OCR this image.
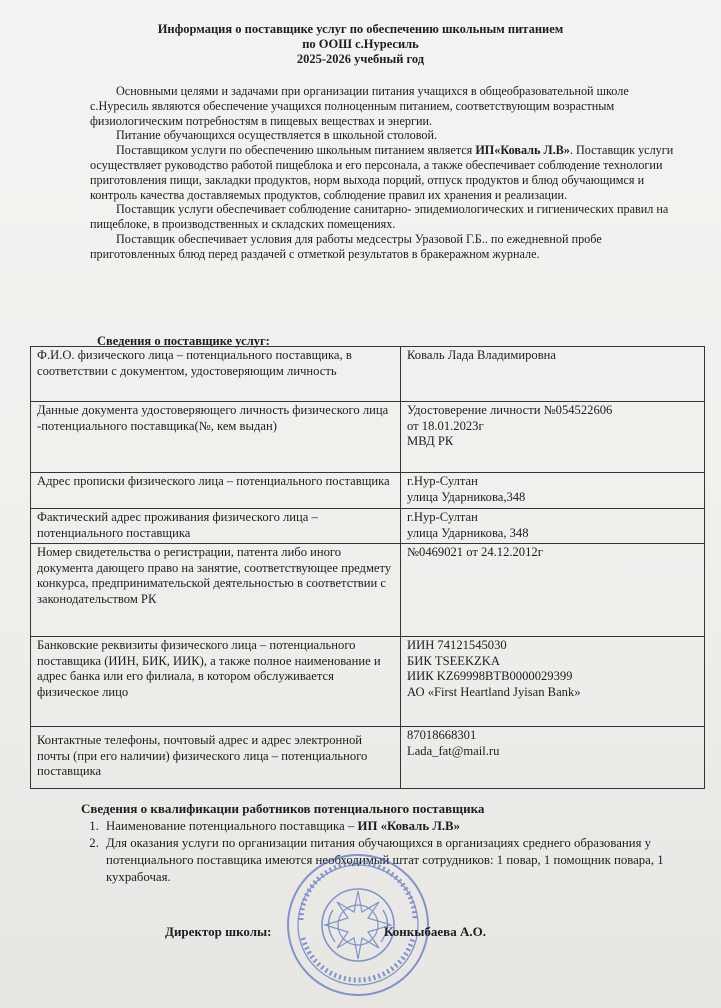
Информация о поставщике услуг по обеспечению школьным питанием
по ООШ с.Нуресиль
2025-2026 учебный год

Основными целями и задачами при организации питания учащихся в общеобразовательной школе с.Нуресиль являются обеспечение учащихся полноценным питанием, соответствующим возрастным физиологическим потребностям в пищевых веществах и энергии.

Питание обучающихся осуществляется в школьной столовой.

Поставщиком услуги по обеспечению школьным питанием является ИП«Коваль Л.В». Поставщик услуги осуществляет руководство работой пищеблока и его персонала, а также обеспечивает соблюдение технологии приготовления пищи, закладки продуктов, норм выхода порций, отпуск продуктов и блюд обучающимся и контроль качества доставляемых продуктов, соблюдение правил их хранения и реализации.

Поставщик услуги обеспечивает соблюдение санитарно- эпидемиологических и гигиенических правил на пищеблоке, в производственных и складских помещениях.

Поставщик обеспечивает условия для работы медсестры Уразовой Г.Б.. по ежедневной пробе приготовленных блюд перед раздачей с отметкой результатов в бракеражном журнале.

Сведения о поставщике услуг:
Ф.И.О. физического лица – потенциального поставщика, в соответствии с документом, удостоверяющим личность	Коваль Лада Владимировна

Данные документа удостоверяющего личность физического лица -потенциального поставщика(№, кем выдан)	Удостоверение личности №054522606
от 18.01.2023г
МВД РК

Адрес прописки физического лица – потенциального поставщика	г.Нур-Султан
улица Ударникова,348

Фактический адрес проживания физического лица – потенциального поставщика	г.Нур-Султан
улица Ударникова, 348

Номер свидетельства о регистрации, патента либо иного документа дающего право на занятие, соответствующее предмету конкурса, предпринимательской деятельностью в соответствии с законодательством РК	№0469021 от 24.12.2012г

Банковские реквизиты физического лица – потенциального поставщика (ИИН, БИК, ИИК), а также полное наименование и адрес банка или его филиала, в котором обслуживается физическое лицо	ИИН 74121545030
БИК TSEEKZKA
ИИК KZ69998BTB0000029399
АО «First Heartland Jyisan Bank»

Контактные телефоны, почтовый адрес и адрес электронной почты (при его наличии) физического лица – потенциального поставщика	87018668301
Lada_fat@mail.ru
Сведения о квалификации работников потенциального поставщика
1. Наименование потенциального поставщика – ИП «Коваль Л.В»
2. Для оказания услуги по организации питания обучающихся в организациях среднего образования у потенциального поставщика имеются необходимый штат сотрудников: 1 повар, 1 помощник повара, 1 кухрабочая.
Директор школы:	Конкыбаева А.О.
